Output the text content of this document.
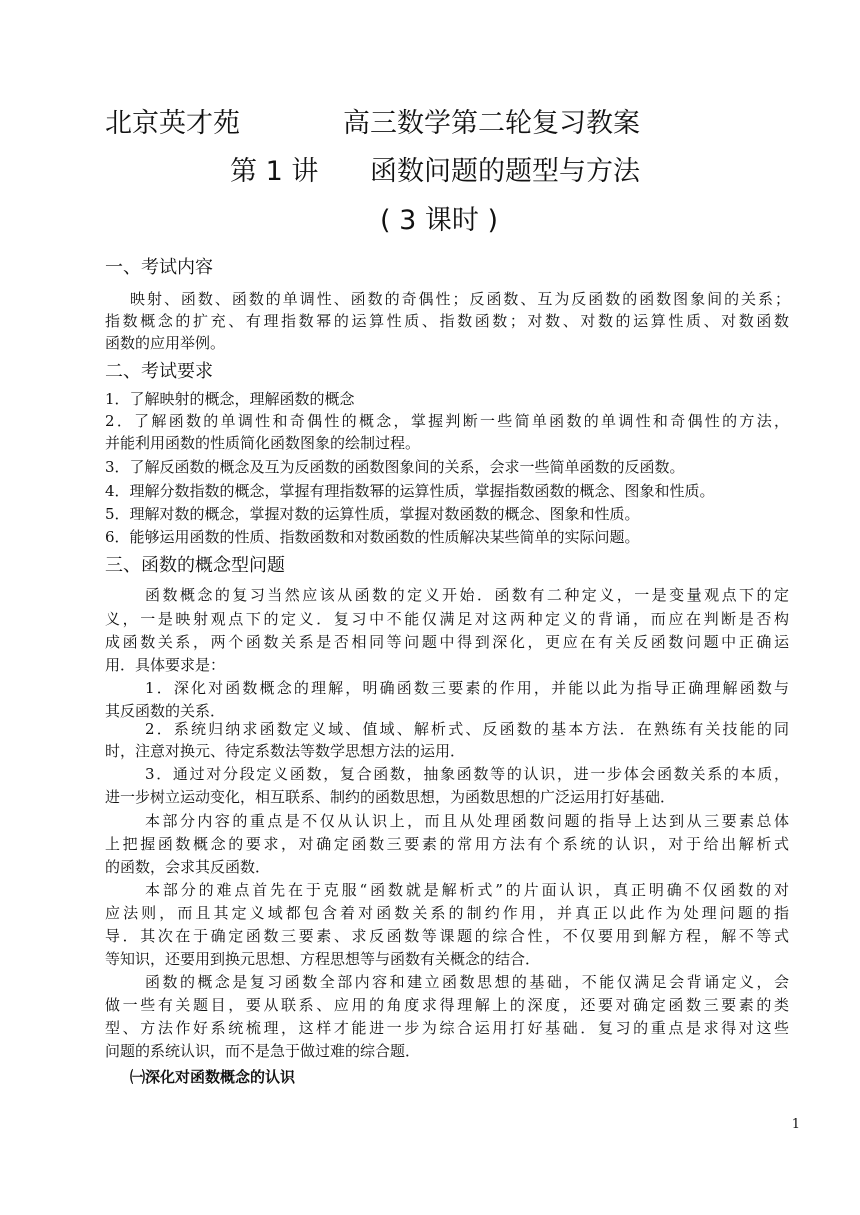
北京英才苑	高三数学第二轮复习教案
第 1 讲 函数问题的题型与方法
( 3 课时 )
一、考试内容
映射、函数、函数的单调性、函数的奇偶性；反函数、互为反函数的函数图象间的关系；
指数概念的扩充、有理指数幂的运算性质、指数函数；对数、对数的运算性质、对数函数
函数的应用举例。
二、考试要求
1．了解映射的概念，理解函数的概念
2．了解函数的单调性和奇偶性的概念，掌握判断一些简单函数的单调性和奇偶性的方法，
并能利用函数的性质简化函数图象的绘制过程。
3．了解反函数的概念及互为反函数的函数图象间的关系，会求一些简单函数的反函数。
4．理解分数指数的概念，掌握有理指数幂的运算性质，掌握指数函数的概念、图象和性质。
5．理解对数的概念，掌握对数的运算性质，掌握对数函数的概念、图象和性质。
6．能够运用函数的性质、指数函数和对数函数的性质解决某些简单的实际问题。
三、函数的概念型问题
函数概念的复习当然应该从函数的定义开始．函数有二种定义，一是变量观点下的定
义，一是映射观点下的定义．复习中不能仅满足对这两种定义的背诵，而应在判断是否构
成函数关系，两个函数关系是否相同等问题中得到深化，更应在有关反函数问题中正确运
用．具体要求是：
1．深化对函数概念的理解，明确函数三要素的作用，并能以此为指导正确理解函数与
其反函数的关系．
2．系统归纳求函数定义域、值域、解析式、反函数的基本方法．在熟练有关技能的同
时，注意对换元、待定系数法等数学思想方法的运用．
3．通过对分段定义函数，复合函数，抽象函数等的认识，进一步体会函数关系的本质，
进一步树立运动变化，相互联系、制约的函数思想，为函数思想的广泛运用打好基础．
本部分内容的重点是不仅从认识上，而且从处理函数问题的指导上达到从三要素总体
上把握函数概念的要求，对确定函数三要素的常用方法有个系统的认识，对于给出解析式
的函数，会求其反函数．
本部分的难点首先在于克服“函数就是解析式”的片面认识，真正明确不仅函数的对
应法则，而且其定义域都包含着对函数关系的制约作用，并真正以此作为处理问题的指
导．其次在于确定函数三要素、求反函数等课题的综合性，不仅要用到解方程，解不等式
等知识，还要用到换元思想、方程思想等与函数有关概念的结合．
函数的概念是复习函数全部内容和建立函数思想的基础，不能仅满足会背诵定义，会
做一些有关题目，要从联系、应用的角度求得理解上的深度，还要对确定函数三要素的类
型、方法作好系统梳理，这样才能进一步为综合运用打好基础．复习的重点是求得对这些
问题的系统认识，而不是急于做过难的综合题．
㈠深化对函数概念的认识
1
